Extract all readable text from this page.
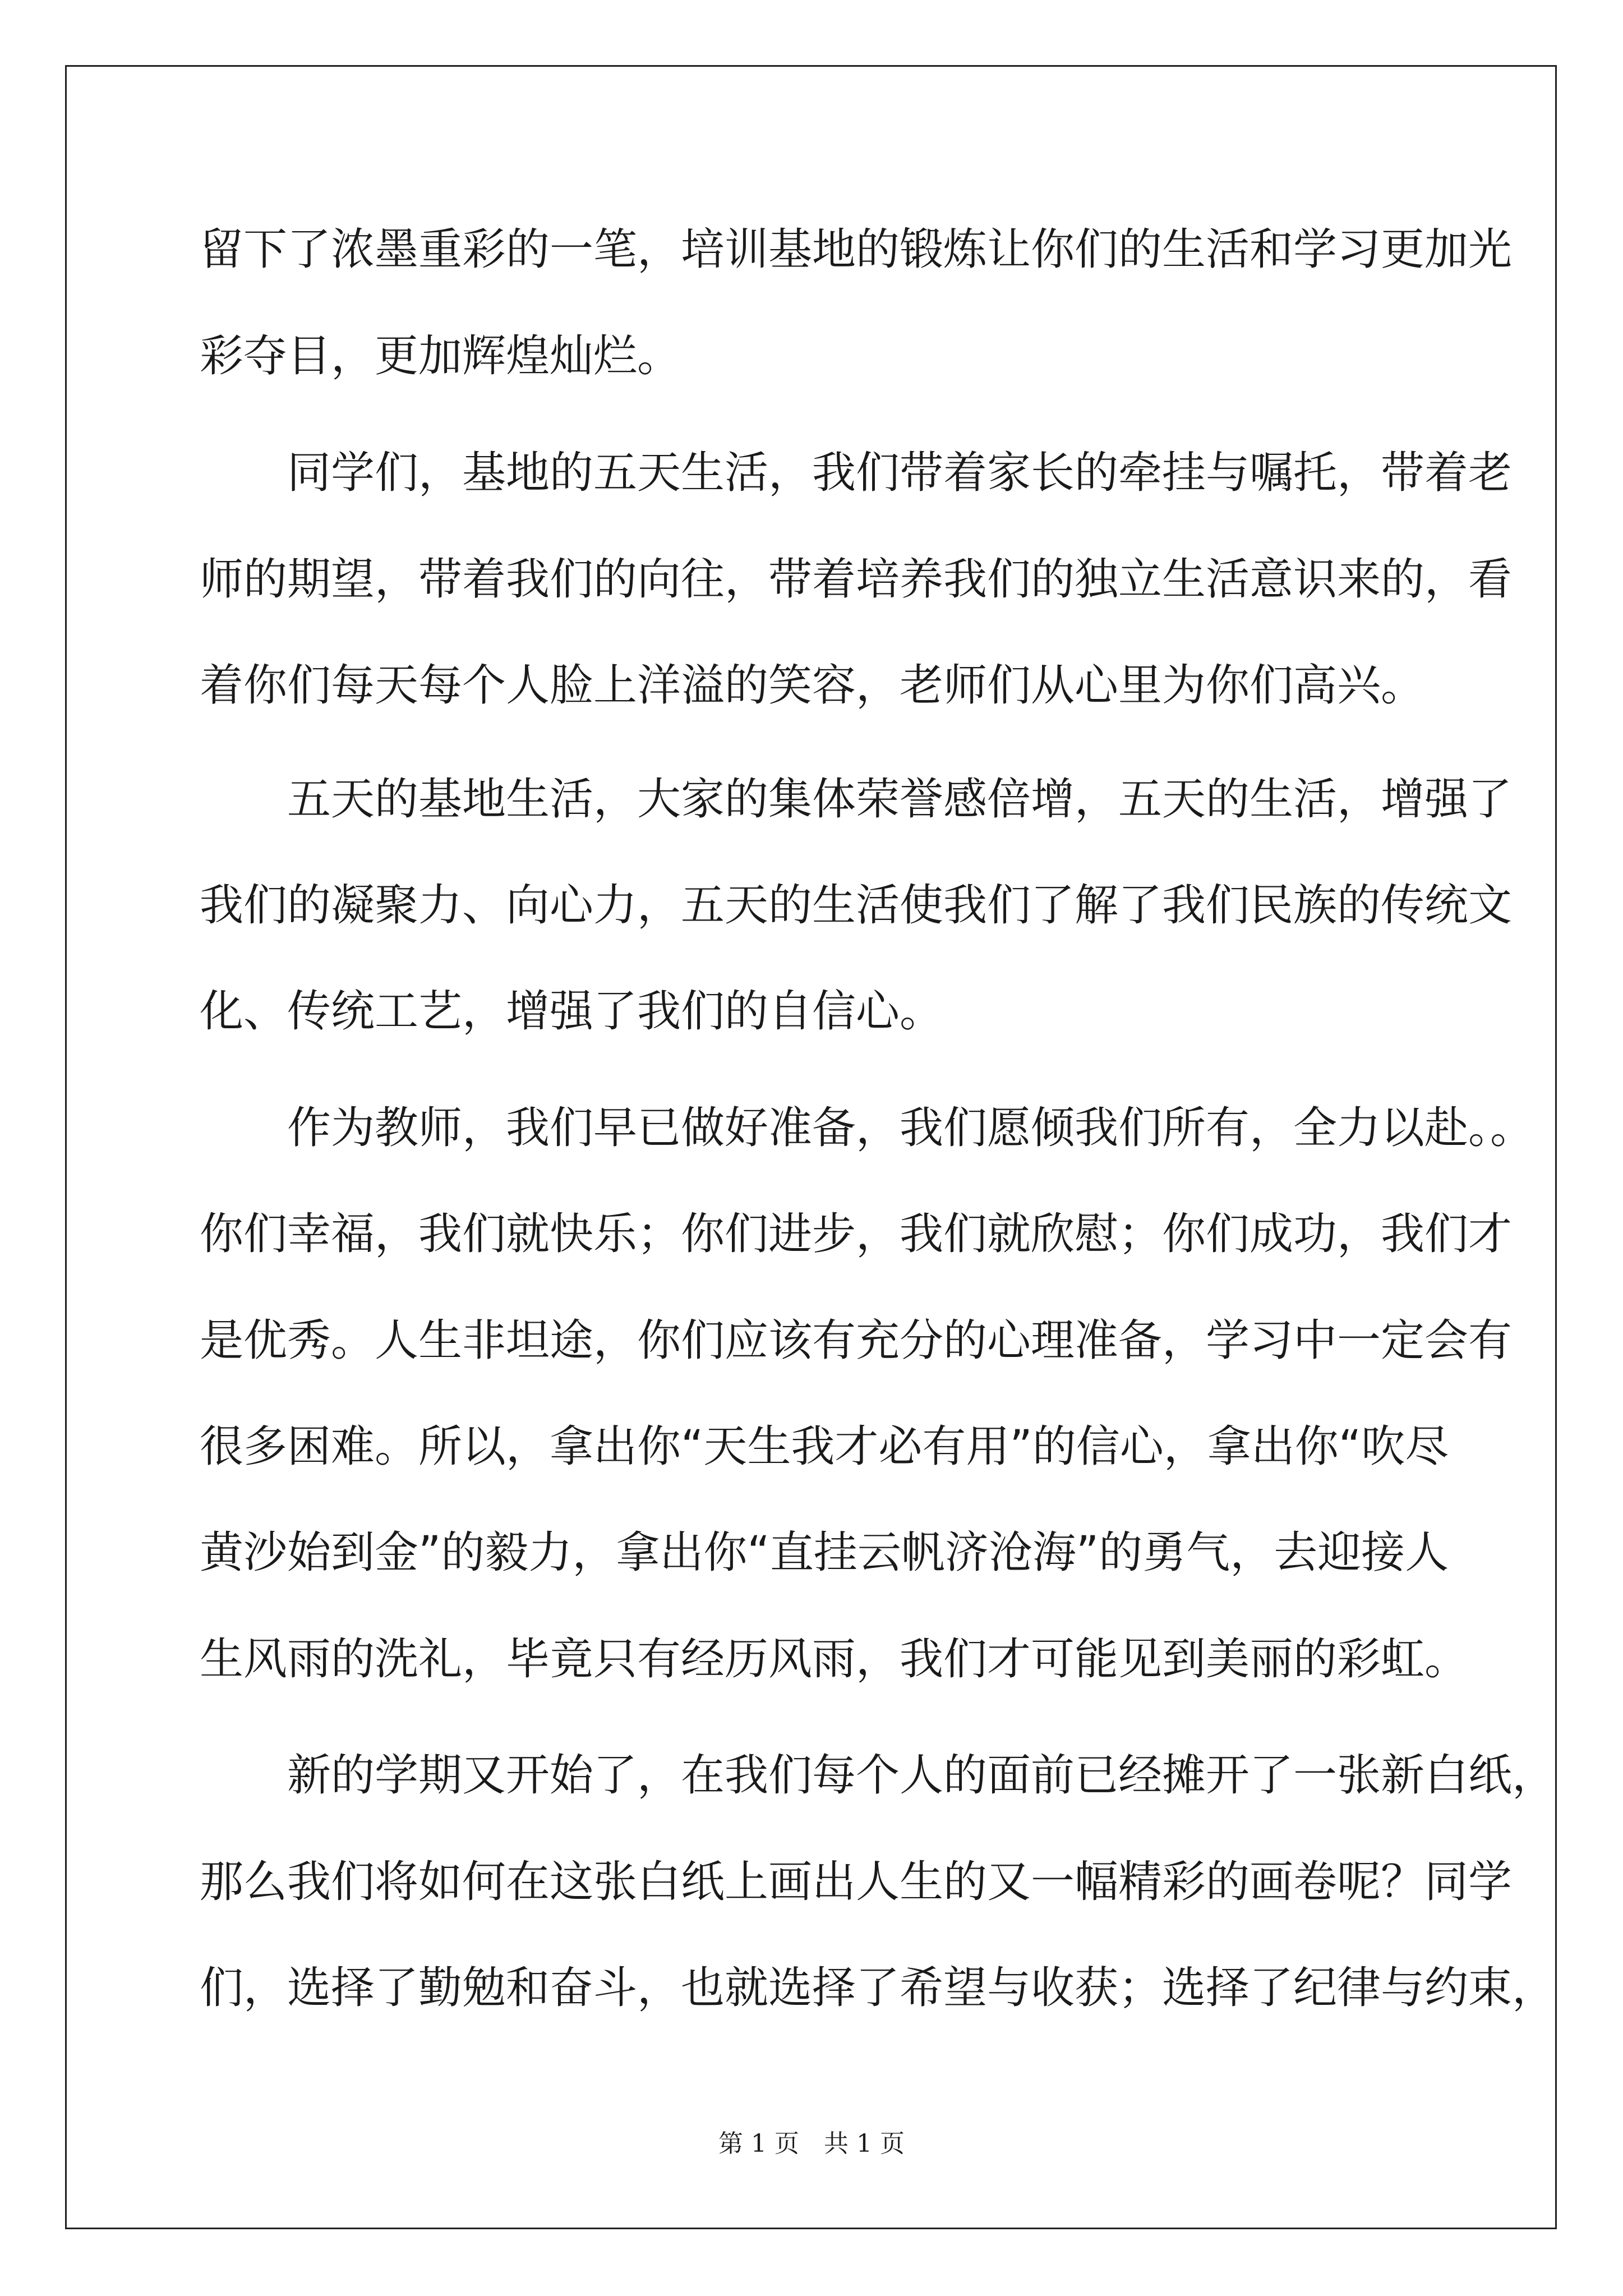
留下了浓墨重彩的一笔，培训基地的锻炼让你们的生活和学习更加光

彩夺目，更加辉煌灿烂。

　　同学们，基地的五天生活，我们带着家长的牵挂与嘱托，带着老

师的期望，带着我们的向往，带着培养我们的独立生活意识来的，看

着你们每天每个人脸上洋溢的笑容，老师们从心里为你们高兴。

　　五天的基地生活，大家的集体荣誉感倍增，五天的生活，增强了

我们的凝聚力、向心力，五天的生活使我们了解了我们民族的传统文

化、传统工艺，增强了我们的自信心。

　　作为教师，我们早已做好准备，我们愿倾我们所有，全力以赴。。

你们幸福，我们就快乐；你们进步，我们就欣慰；你们成功，我们才

是优秀。人生非坦途，你们应该有充分的心理准备，学习中一定会有

很多困难。所以，拿出你“天生我才必有用”的信心，拿出你“吹尽

黄沙始到金”的毅力，拿出你“直挂云帆济沧海”的勇气，去迎接人

生风雨的洗礼，毕竟只有经历风雨，我们才可能见到美丽的彩虹。

　　新的学期又开始了，在我们每个人的面前已经摊开了一张新白纸，

那么我们将如何在这张白纸上画出人生的又一幅精彩的画卷呢？同学

们，选择了勤勉和奋斗，也就选择了希望与收获；选择了纪律与约束，

第 1 页　共 1 页
